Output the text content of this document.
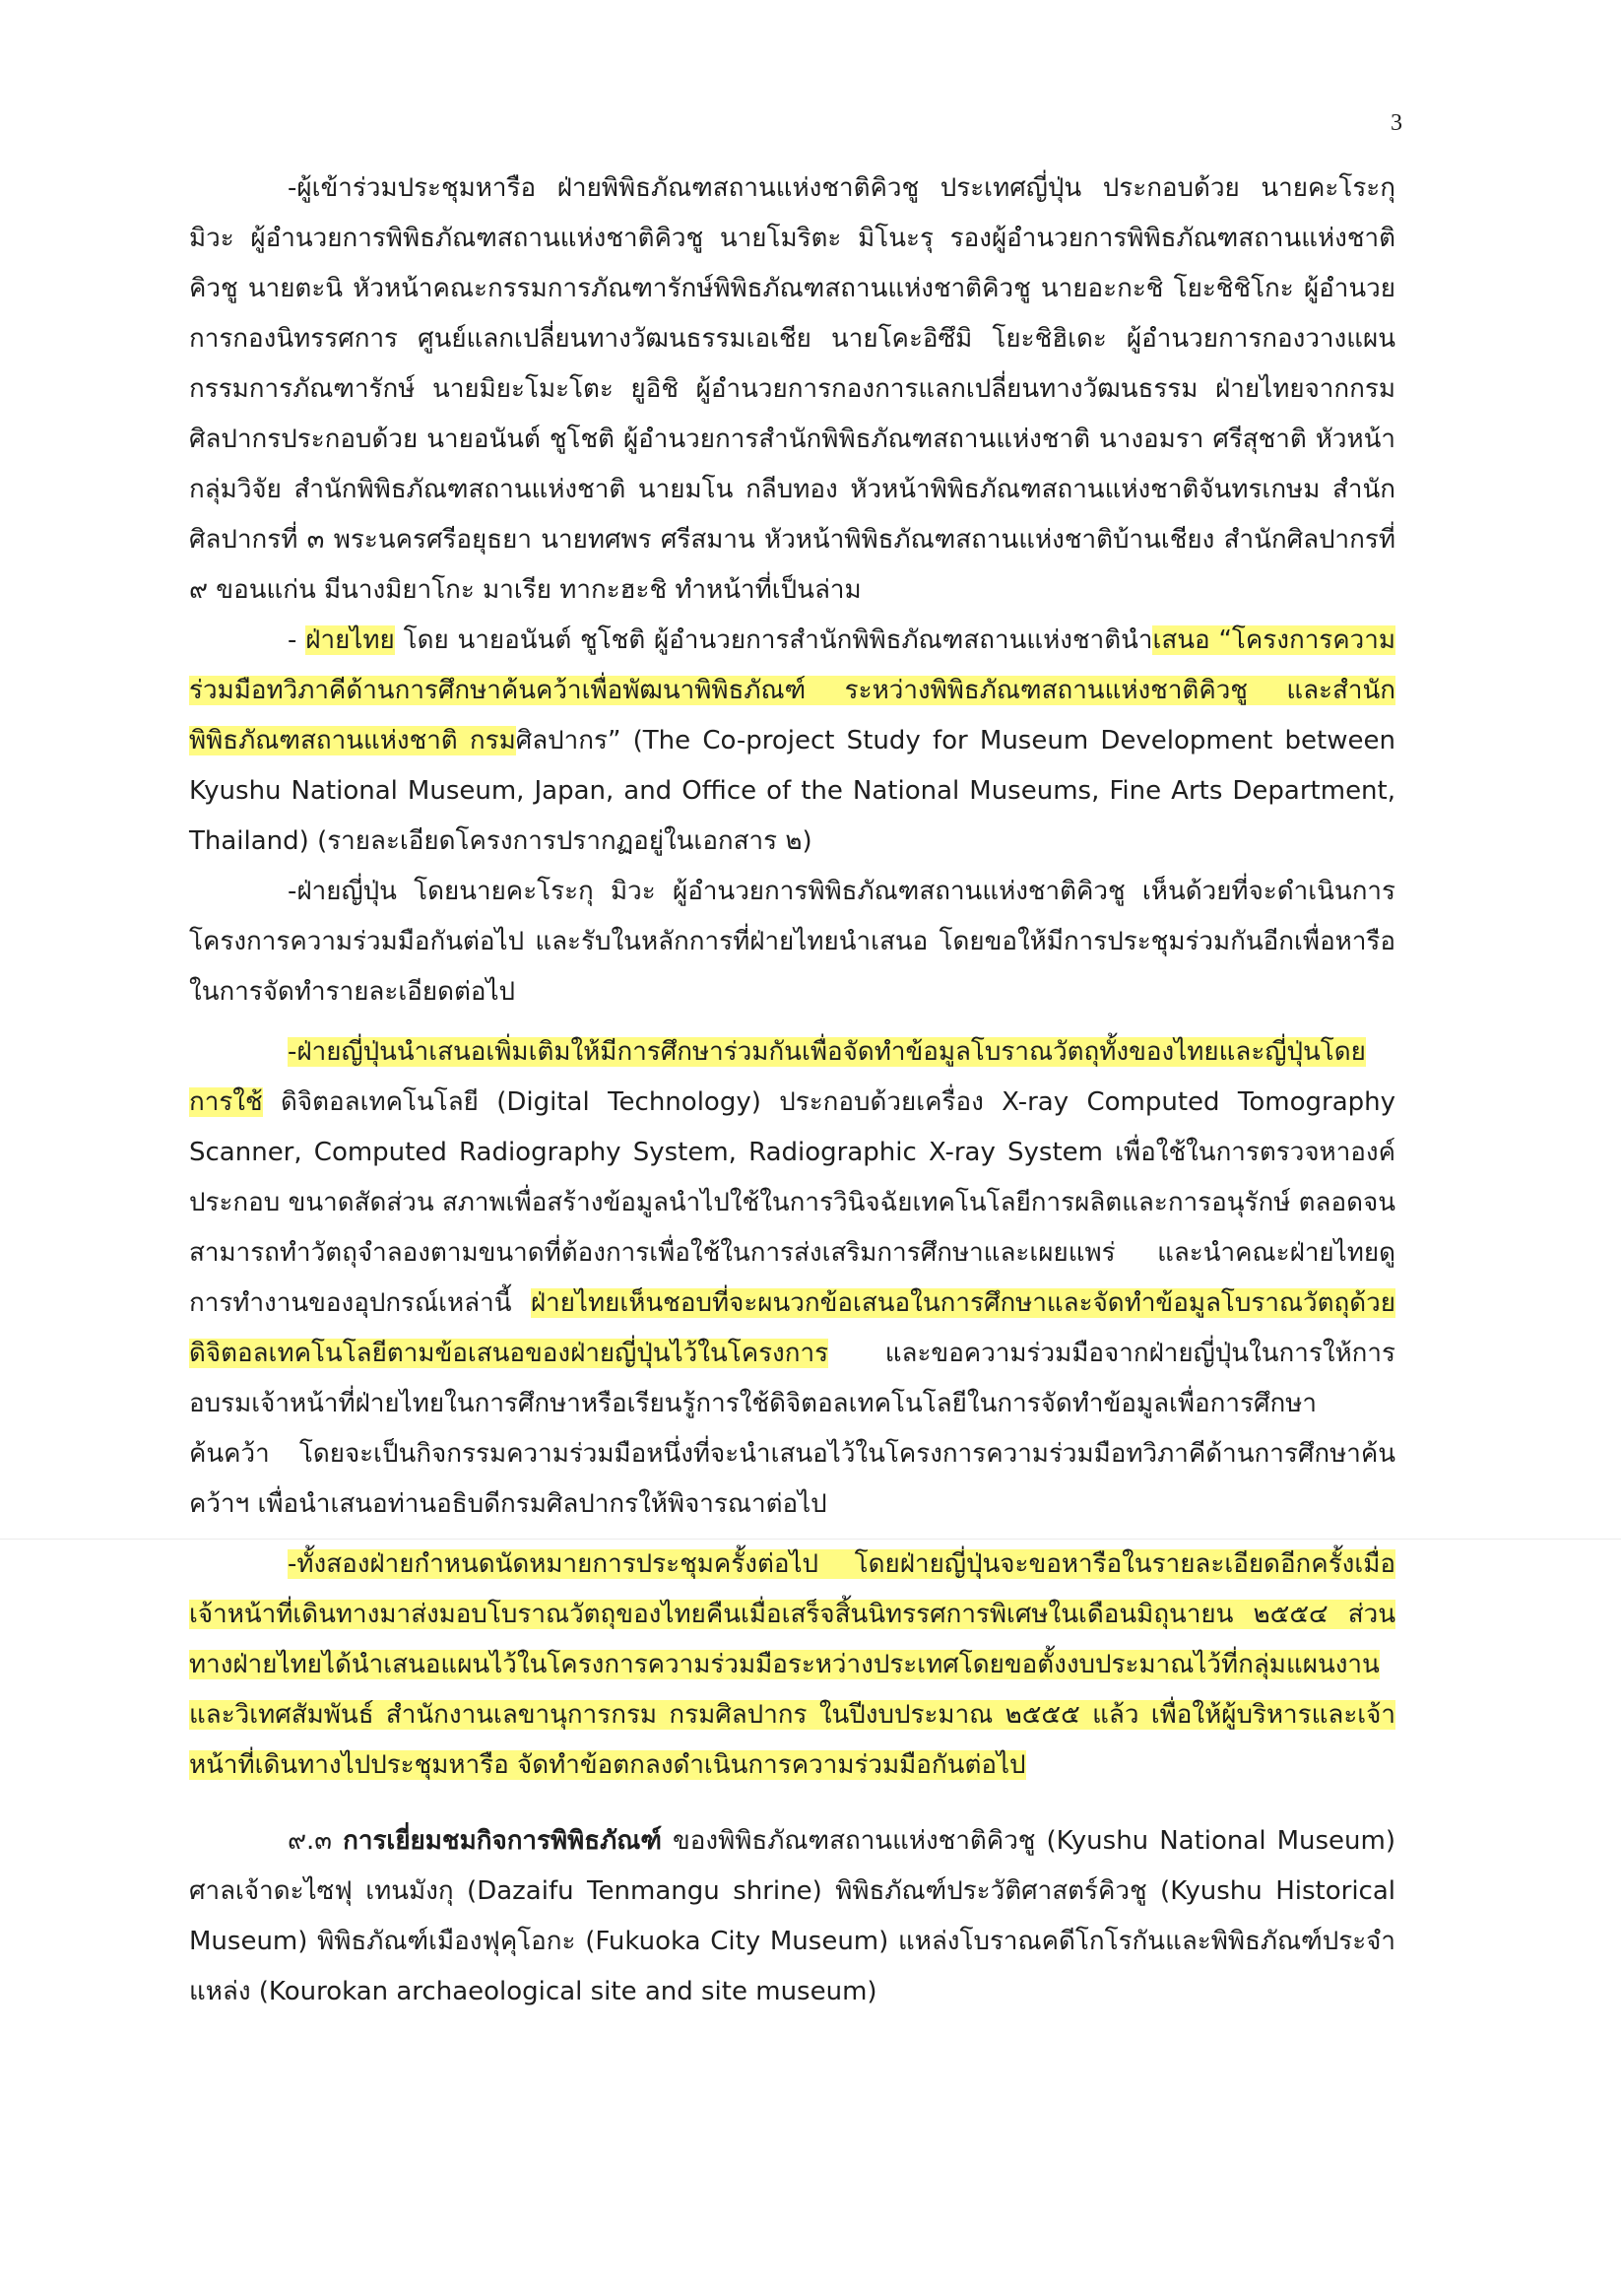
3

-ผู้เข้าร่วมประชุมหารือ ฝ่ายพิพิธภัณฑสถานแห่งชาติคิวชู ประเทศญี่ปุ่น ประกอบด้วย นายคะโระกุ มิวะ ผู้อำนวยการพิพิธภัณฑสถานแห่งชาติคิวชู นายโมริตะ มิโนะรุ รองผู้อำนวยการพิพิธภัณฑสถานแห่งชาติคิวชู นายตะนิ หัวหน้าคณะกรรมการภัณฑารักษ์พิพิธภัณฑสถานแห่งชาติคิวชู นายอะกะชิ โยะชิชิโกะ ผู้อำนวยการกองนิทรรศการ ศูนย์แลกเปลี่ยนทางวัฒนธรรมเอเชีย นายโคะอิซึมิ โยะชิฮิเดะ ผู้อำนวยการกองวางแผน กรรมการภัณฑารักษ์ นายมิยะโมะโตะ ยูอิชิ ผู้อำนวยการกองการแลกเปลี่ยนทางวัฒนธรรม ฝ่ายไทยจากกรมศิลปากรประกอบด้วย นายอนันต์ ชูโชติ ผู้อำนวยการสำนักพิพิธภัณฑสถานแห่งชาติ นางอมรา ศรีสุชาติ หัวหน้ากลุ่มวิจัย สำนักพิพิธภัณฑสถานแห่งชาติ นายมโน กลีบทอง หัวหน้าพิพิธภัณฑสถานแห่งชาติจันทรเกษม สำนักศิลปากรที่ ๓ พระนครศรีอยุธยา นายทศพร ศรีสมาน หัวหน้าพิพิธภัณฑสถานแห่งชาติบ้านเชียง สำนักศิลปากรที่ ๙ ขอนแก่น มีนางมิยาโกะ มาเรีย ทากะฮะชิ ทำหน้าที่เป็นล่าม

- ฝ่ายไทย โดย นายอนันต์ ชูโชติ ผู้อำนวยการสำนักพิพิธภัณฑสถานแห่งชาตินำเสนอ “โครงการความร่วมมือทวิภาคีด้านการศึกษาค้นคว้าเพื่อพัฒนาพิพิธภัณฑ์ ระหว่างพิพิธภัณฑสถานแห่งชาติคิวชู และสำนักพิพิธภัณฑสถานแห่งชาติ กรมศิลปากร” (The Co-project Study for Museum Development between Kyushu National Museum, Japan, and Office of the National Museums, Fine Arts Department, Thailand) (รายละเอียดโครงการปรากฏอยู่ในเอกสาร ๒)

-ฝ่ายญี่ปุ่น โดยนายคะโระกุ มิวะ ผู้อำนวยการพิพิธภัณฑสถานแห่งชาติคิวชู เห็นด้วยที่จะดำเนินการโครงการความร่วมมือกันต่อไป และรับในหลักการที่ฝ่ายไทยนำเสนอ โดยขอให้มีการประชุมร่วมกันอีกเพื่อหารือในการจัดทำรายละเอียดต่อไป

-ฝ่ายญี่ปุ่นนำเสนอเพิ่มเติมให้มีการศึกษาร่วมกันเพื่อจัดทำข้อมูลโบราณวัตถุทั้งของไทยและญี่ปุ่นโดยการใช้ ดิจิตอลเทคโนโลยี (Digital Technology) ประกอบด้วยเครื่อง X-ray Computed Tomography Scanner, Computed Radiography System, Radiographic X-ray System เพื่อใช้ในการตรวจหาองค์ประกอบ ขนาดสัดส่วน สภาพเพื่อสร้างข้อมูลนำไปใช้ในการวินิจฉัยเทคโนโลยีการผลิตและการอนุรักษ์ ตลอดจนสามารถทำวัตถุจำลองตามขนาดที่ต้องการเพื่อใช้ในการส่งเสริมการศึกษาและเผยแพร่ และนำคณะฝ่ายไทยดูการทำงานของอุปกรณ์เหล่านี้ ฝ่ายไทยเห็นชอบที่จะผนวกข้อเสนอในการศึกษาและจัดทำข้อมูลโบราณวัตถุด้วยดิจิตอลเทคโนโลยีตามข้อเสนอของฝ่ายญี่ปุ่นไว้ในโครงการ และขอความร่วมมือจากฝ่ายญี่ปุ่นในการให้การอบรมเจ้าหน้าที่ฝ่ายไทยในการศึกษาหรือเรียนรู้การใช้ดิจิตอลเทคโนโลยีในการจัดทำข้อมูลเพื่อการศึกษาค้นคว้า โดยจะเป็นกิจกรรมความร่วมมือหนึ่งที่จะนำเสนอไว้ในโครงการความร่วมมือทวิภาคีด้านการศึกษาค้นคว้าฯ เพื่อนำเสนอท่านอธิบดีกรมศิลปากรให้พิจารณาต่อไป

-ทั้งสองฝ่ายกำหนดนัดหมายการประชุมครั้งต่อไป โดยฝ่ายญี่ปุ่นจะขอหารือในรายละเอียดอีกครั้งเมื่อเจ้าหน้าที่เดินทางมาส่งมอบโบราณวัตถุของไทยคืนเมื่อเสร็จสิ้นนิทรรศการพิเศษในเดือนมิถุนายน ๒๕๕๔ ส่วนทางฝ่ายไทยได้นำเสนอแผนไว้ในโครงการความร่วมมือระหว่างประเทศโดยขอตั้งงบประมาณไว้ที่กลุ่มแผนงานและวิเทศสัมพันธ์ สำนักงานเลขานุการกรม กรมศิลปากร ในปีงบประมาณ ๒๕๕๕ แล้ว เพื่อให้ผู้บริหารและเจ้าหน้าที่เดินทางไปประชุมหารือ จัดทำข้อตกลงดำเนินการความร่วมมือกันต่อไป

๙.๓ การเยี่ยมชมกิจการพิพิธภัณฑ์ ของพิพิธภัณฑสถานแห่งชาติคิวชู (Kyushu National Museum) ศาลเจ้าดะไซฟุ เทนมังกุ (Dazaifu Tenmangu shrine) พิพิธภัณฑ์ประวัติศาสตร์คิวชู (Kyushu Historical Museum) พิพิธภัณฑ์เมืองฟุคุโอกะ (Fukuoka City Museum) แหล่งโบราณคดีโกโรกันและพิพิธภัณฑ์ประจำแหล่ง (Kourokan archaeological site and site museum)
